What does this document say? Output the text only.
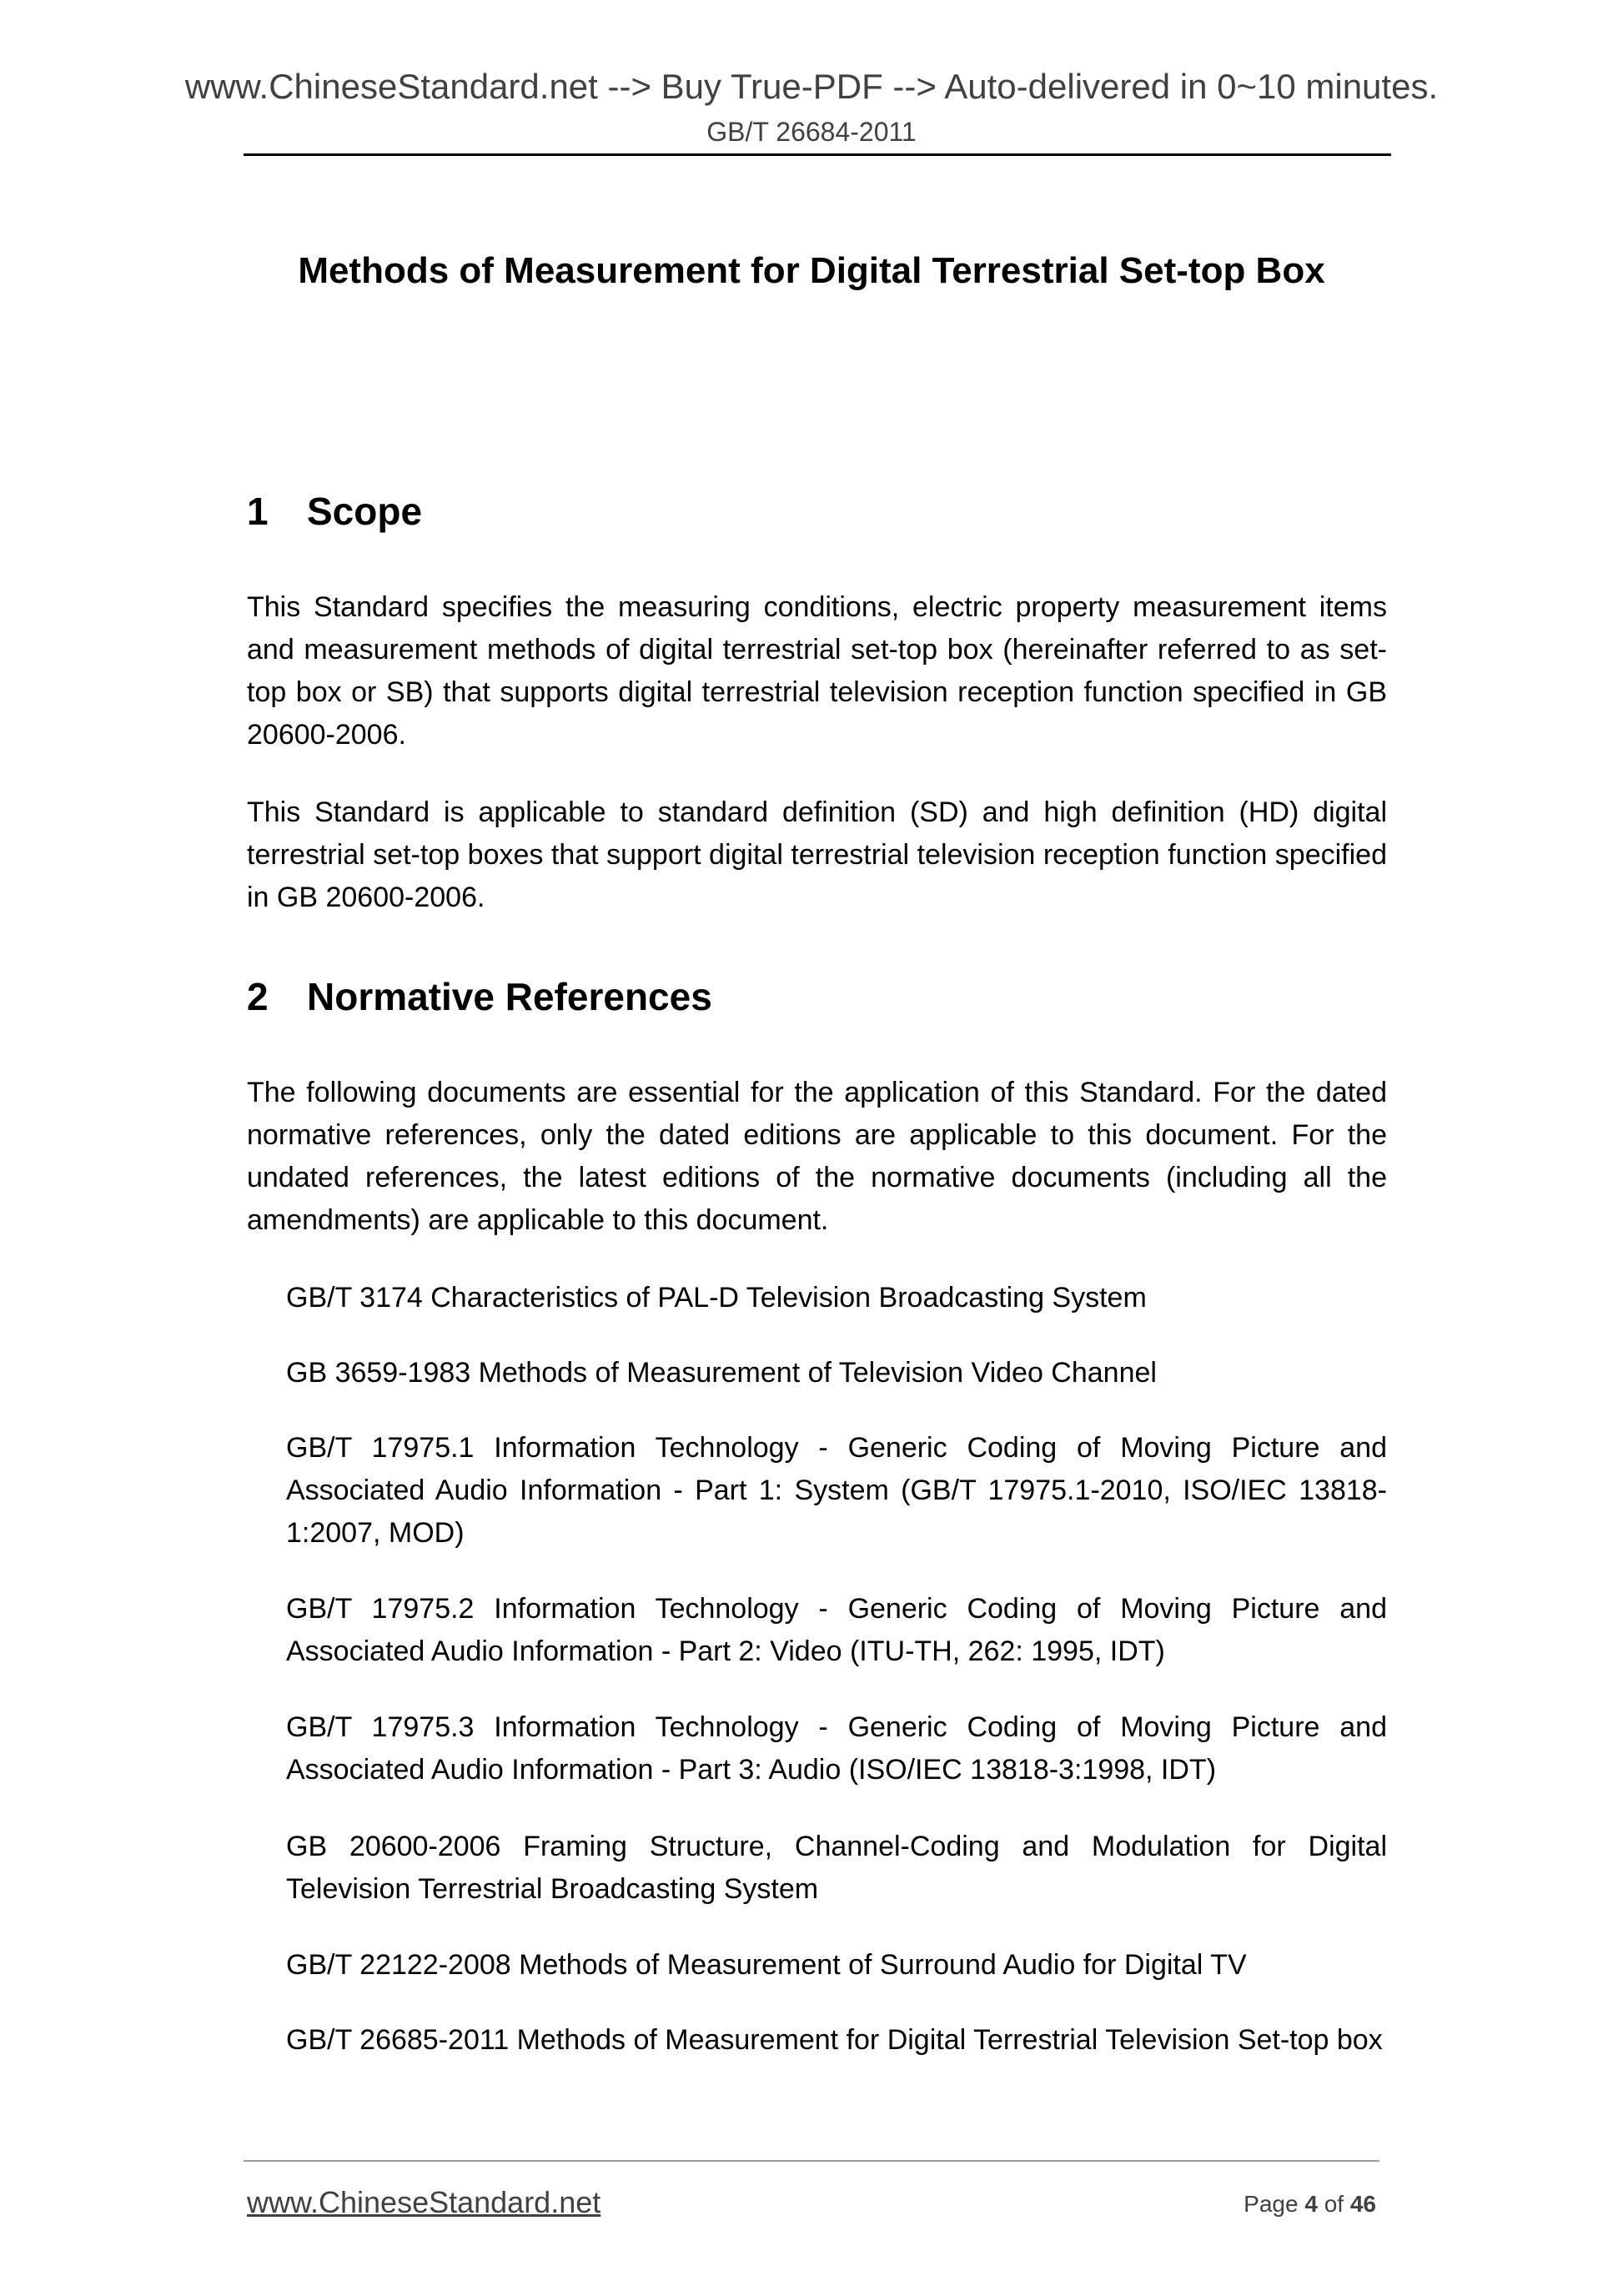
www.ChineseStandard.net --> Buy True-PDF --> Auto-delivered in 0~10 minutes.
GB/T 26684-2011
Methods of Measurement for Digital Terrestrial Set-top Box
1 Scope
This Standard specifies the measuring conditions, electric property measurement items and measurement methods of digital terrestrial set-top box (hereinafter referred to as set-top box or SB) that supports digital terrestrial television reception function specified in GB 20600-2006.
This Standard is applicable to standard definition (SD) and high definition (HD) digital terrestrial set-top boxes that support digital terrestrial television reception function specified in GB 20600-2006.
2 Normative References
The following documents are essential for the application of this Standard. For the dated normative references, only the dated editions are applicable to this document. For the undated references, the latest editions of the normative documents (including all the amendments) are applicable to this document.
GB/T 3174 Characteristics of PAL-D Television Broadcasting System
GB 3659-1983 Methods of Measurement of Television Video Channel
GB/T 17975.1 Information Technology - Generic Coding of Moving Picture and Associated Audio Information - Part 1: System (GB/T 17975.1-2010, ISO/IEC 13818-1:2007, MOD)
GB/T 17975.2 Information Technology - Generic Coding of Moving Picture and Associated Audio Information - Part 2: Video (ITU-TH, 262: 1995, IDT)
GB/T 17975.3 Information Technology - Generic Coding of Moving Picture and Associated Audio Information - Part 3: Audio (ISO/IEC 13818-3:1998, IDT)
GB 20600-2006 Framing Structure, Channel-Coding and Modulation for Digital Television Terrestrial Broadcasting System
GB/T 22122-2008 Methods of Measurement of Surround Audio for Digital TV
GB/T 26685-2011 Methods of Measurement for Digital Terrestrial Television Set-top box
www.ChineseStandard.net	Page 4 of 46
